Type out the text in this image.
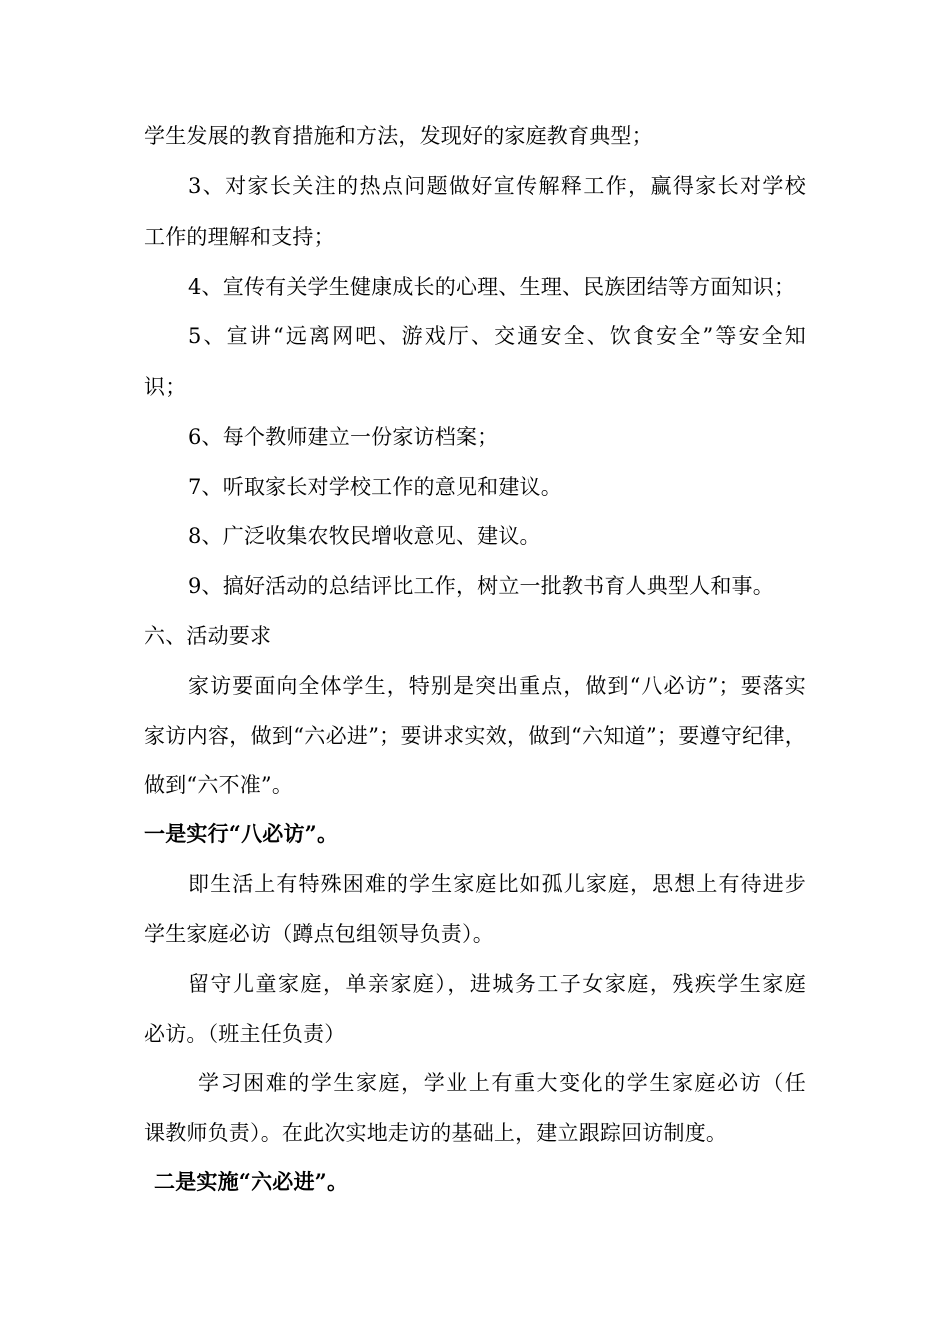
学生发展的教育措施和方法，发现好的家庭教育典型；
3、对家长关注的热点问题做好宣传解释工作，赢得家长对学校
工作的理解和支持；
4、宣传有关学生健康成长的心理、生理、民族团结等方面知识；
5、宣讲“远离网吧、游戏厅、交通安全、饮食安全”等安全知
识；
6、每个教师建立一份家访档案；
7、听取家长对学校工作的意见和建议。
8、广泛收集农牧民增收意见、建议。
9、搞好活动的总结评比工作，树立一批教书育人典型人和事。
六、活动要求
家访要面向全体学生，特别是突出重点，做到“八必访”；要落实
家访内容，做到“六必进”；要讲求实效，做到“六知道”；要遵守纪律，
做到“六不准”。
一是实行“八必访”。
即生活上有特殊困难的学生家庭比如孤儿家庭，思想上有待进步
学生家庭必访（蹲点包组领导负责）。
留守儿童家庭，单亲家庭），进城务工子女家庭，残疾学生家庭
必访。（班主任负责）
学习困难的学生家庭，学业上有重大变化的学生家庭必访（任
课教师负责）。在此次实地走访的基础上，建立跟踪回访制度。
二是实施“六必进”。
